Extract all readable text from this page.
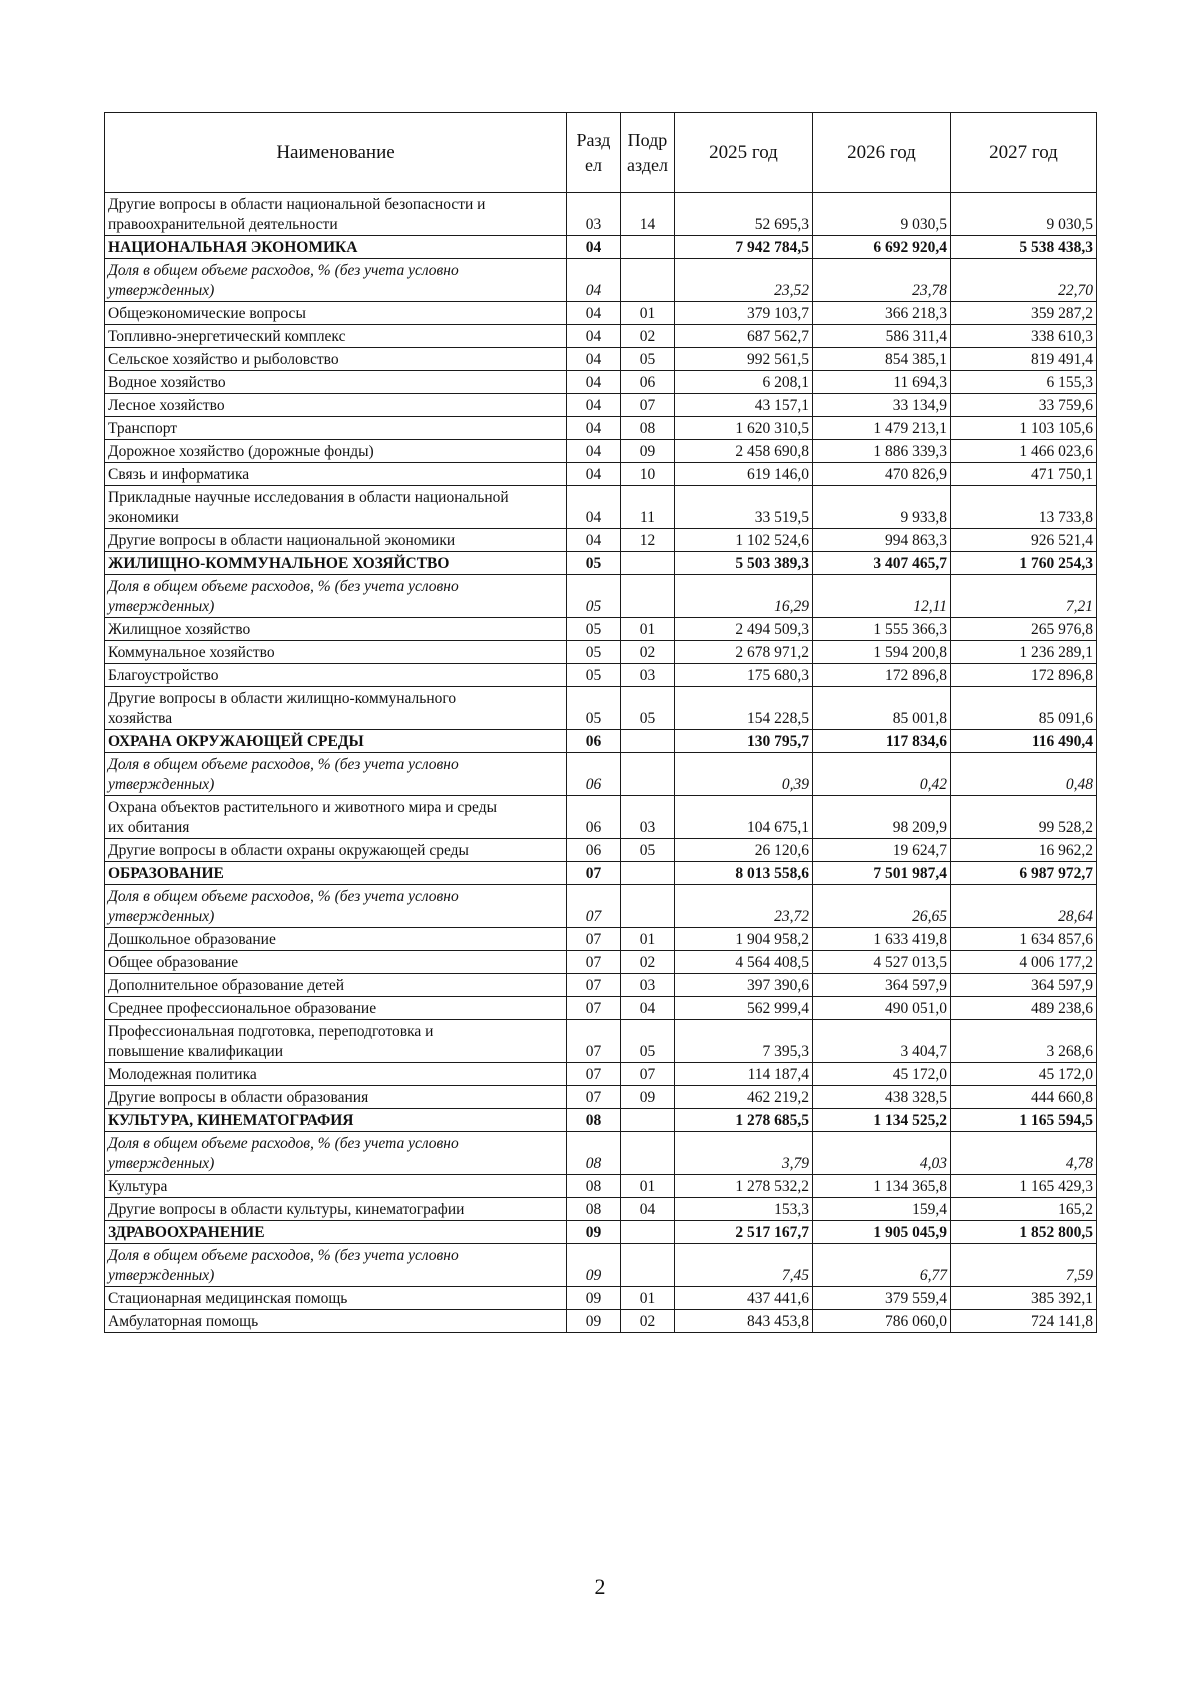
Наименование	Разд ел	Подр аздел	2025 год	2026 год	2027 год

Другие вопросы в области национальной безопасности и
правоохранительной деятельности	03	14	52 695,3	9 030,5	9 030,5

НАЦИОНАЛЬНАЯ ЭКОНОМИКА	04		7 942 784,5	6 692 920,4	5 538 438,3

Доля в общем объеме расходов, % (без учета условно
утвержденных)	04		23,52	23,78	22,70

Общеэкономические вопросы	04	01	379 103,7	366 218,3	359 287,2

Топливно-энергетический комплекс	04	02	687 562,7	586 311,4	338 610,3

Сельское хозяйство и рыболовство	04	05	992 561,5	854 385,1	819 491,4

Водное хозяйство	04	06	6 208,1	11 694,3	6 155,3

Лесное хозяйство	04	07	43 157,1	33 134,9	33 759,6

Транспорт	04	08	1 620 310,5	1 479 213,1	1 103 105,6

Дорожное хозяйство (дорожные фонды)	04	09	2 458 690,8	1 886 339,3	1 466 023,6

Связь и информатика	04	10	619 146,0	470 826,9	471 750,1

Прикладные научные исследования в области национальной
экономики	04	11	33 519,5	9 933,8	13 733,8

Другие вопросы в области национальной экономики	04	12	1 102 524,6	994 863,3	926 521,4

ЖИЛИЩНО-КОММУНАЛЬНОЕ ХОЗЯЙСТВО	05		5 503 389,3	3 407 465,7	1 760 254,3

Доля в общем объеме расходов, % (без учета условно
утвержденных)	05		16,29	12,11	7,21

Жилищное хозяйство	05	01	2 494 509,3	1 555 366,3	265 976,8

Коммунальное хозяйство	05	02	2 678 971,2	1 594 200,8	1 236 289,1

Благоустройство	05	03	175 680,3	172 896,8	172 896,8

Другие вопросы в области жилищно-коммунального
хозяйства	05	05	154 228,5	85 001,8	85 091,6

ОХРАНА ОКРУЖАЮЩЕЙ СРЕДЫ	06		130 795,7	117 834,6	116 490,4

Доля в общем объеме расходов, % (без учета условно
утвержденных)	06		0,39	0,42	0,48

Охрана объектов растительного и животного мира и среды
их обитания	06	03	104 675,1	98 209,9	99 528,2

Другие вопросы в области охраны окружающей среды	06	05	26 120,6	19 624,7	16 962,2

ОБРАЗОВАНИЕ	07		8 013 558,6	7 501 987,4	6 987 972,7

Доля в общем объеме расходов, % (без учета условно
утвержденных)	07		23,72	26,65	28,64

Дошкольное образование	07	01	1 904 958,2	1 633 419,8	1 634 857,6

Общее образование	07	02	4 564 408,5	4 527 013,5	4 006 177,2

Дополнительное образование детей	07	03	397 390,6	364 597,9	364 597,9

Среднее профессиональное образование	07	04	562 999,4	490 051,0	489 238,6

Профессиональная подготовка, переподготовка и
повышение квалификации	07	05	7 395,3	3 404,7	3 268,6

Молодежная политика	07	07	114 187,4	45 172,0	45 172,0

Другие вопросы в области образования	07	09	462 219,2	438 328,5	444 660,8

КУЛЬТУРА, КИНЕМАТОГРАФИЯ	08		1 278 685,5	1 134 525,2	1 165 594,5

Доля в общем объеме расходов, % (без учета условно
утвержденных)	08		3,79	4,03	4,78

Культура	08	01	1 278 532,2	1 134 365,8	1 165 429,3

Другие вопросы в области культуры, кинематографии	08	04	153,3	159,4	165,2

ЗДРАВООХРАНЕНИЕ	09		2 517 167,7	1 905 045,9	1 852 800,5

Доля в общем объеме расходов, % (без учета условно
утвержденных)	09		7,45	6,77	7,59

Стационарная медицинская помощь	09	01	437 441,6	379 559,4	385 392,1

Амбулаторная помощь	09	02	843 453,8	786 060,0	724 141,8
2
